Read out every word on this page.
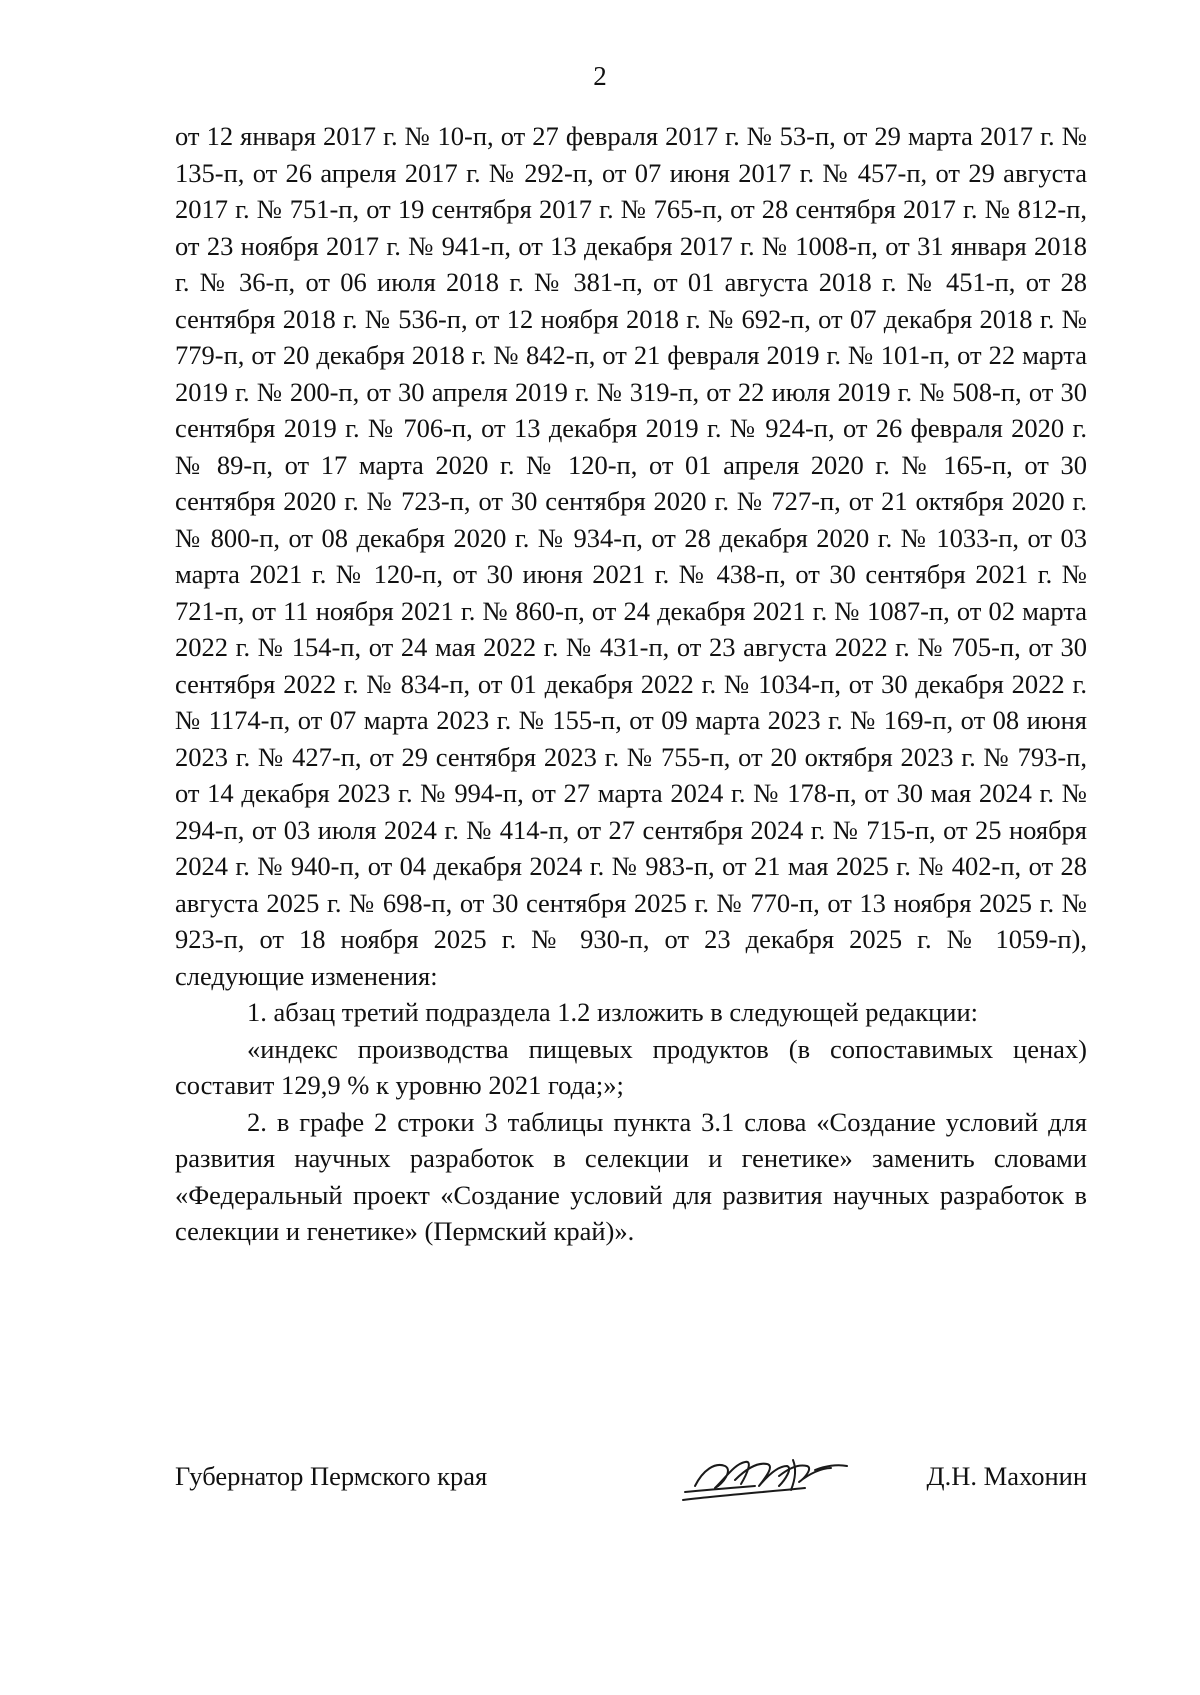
2

от 12 января 2017 г. № 10-п, от 27 февраля 2017 г. № 53-п, от 29 марта 2017 г. № 135-п, от 26 апреля 2017 г. № 292-п, от 07 июня 2017 г. № 457-п, от 29 августа 2017 г. № 751-п, от 19 сентября 2017 г. № 765-п, от 28 сентября 2017 г. № 812-п, от 23 ноября 2017 г. № 941-п, от 13 декабря 2017 г. № 1008-п, от 31 января 2018 г. № 36-п, от 06 июля 2018 г. № 381-п, от 01 августа 2018 г. № 451-п, от 28 сентября 2018 г. № 536-п, от 12 ноября 2018 г. № 692-п, от 07 декабря 2018 г. № 779-п, от 20 декабря 2018 г. № 842-п, от 21 февраля 2019 г. № 101-п, от 22 марта 2019 г. № 200-п, от 30 апреля 2019 г. № 319-п, от 22 июля 2019 г. № 508-п, от 30 сентября 2019 г. № 706-п, от 13 декабря 2019 г. № 924-п, от 26 февраля 2020 г. № 89-п, от 17 марта 2020 г. № 120-п, от 01 апреля 2020 г. № 165-п, от 30 сентября 2020 г. № 723-п, от 30 сентября 2020 г. № 727-п, от 21 октября 2020 г. № 800-п, от 08 декабря 2020 г. № 934-п, от 28 декабря 2020 г. № 1033-п, от 03 марта 2021 г. № 120-п, от 30 июня 2021 г. № 438-п, от 30 сентября 2021 г. № 721-п, от 11 ноября 2021 г. № 860-п, от 24 декабря 2021 г. № 1087-п, от 02 марта 2022 г. № 154-п, от 24 мая 2022 г. № 431-п, от 23 августа 2022 г. № 705-п, от 30 сентября 2022 г. № 834-п, от 01 декабря 2022 г. № 1034-п, от 30 декабря 2022 г. № 1174-п, от 07 марта 2023 г. № 155-п, от 09 марта 2023 г. № 169-п, от 08 июня 2023 г. № 427-п, от 29 сентября 2023 г. № 755-п, от 20 октября 2023 г. № 793-п, от 14 декабря 2023 г. № 994-п, от 27 марта 2024 г. № 178-п, от 30 мая 2024 г. № 294-п, от 03 июля 2024 г. № 414-п, от 27 сентября 2024 г. № 715-п, от 25 ноября 2024 г. № 940-п, от 04 декабря 2024 г. № 983-п, от 21 мая 2025 г. № 402-п, от 28 августа 2025 г. № 698-п, от 30 сентября 2025 г. № 770-п, от 13 ноября 2025 г. № 923-п, от 18 ноября 2025 г. № 930-п, от 23 декабря 2025 г. № 1059-п), следующие изменения:

1. абзац третий подраздела 1.2 изложить в следующей редакции:

«индекс производства пищевых продуктов (в сопоставимых ценах) составит 129,9 % к уровню 2021 года;»;

2. в графе 2 строки 3 таблицы пункта 3.1 слова «Создание условий для развития научных разработок в селекции и генетике» заменить словами «Федеральный проект «Создание условий для развития научных разработок в селекции и генетике» (Пермский край)».

Губернатор Пермского края	Д.Н. Махонин
